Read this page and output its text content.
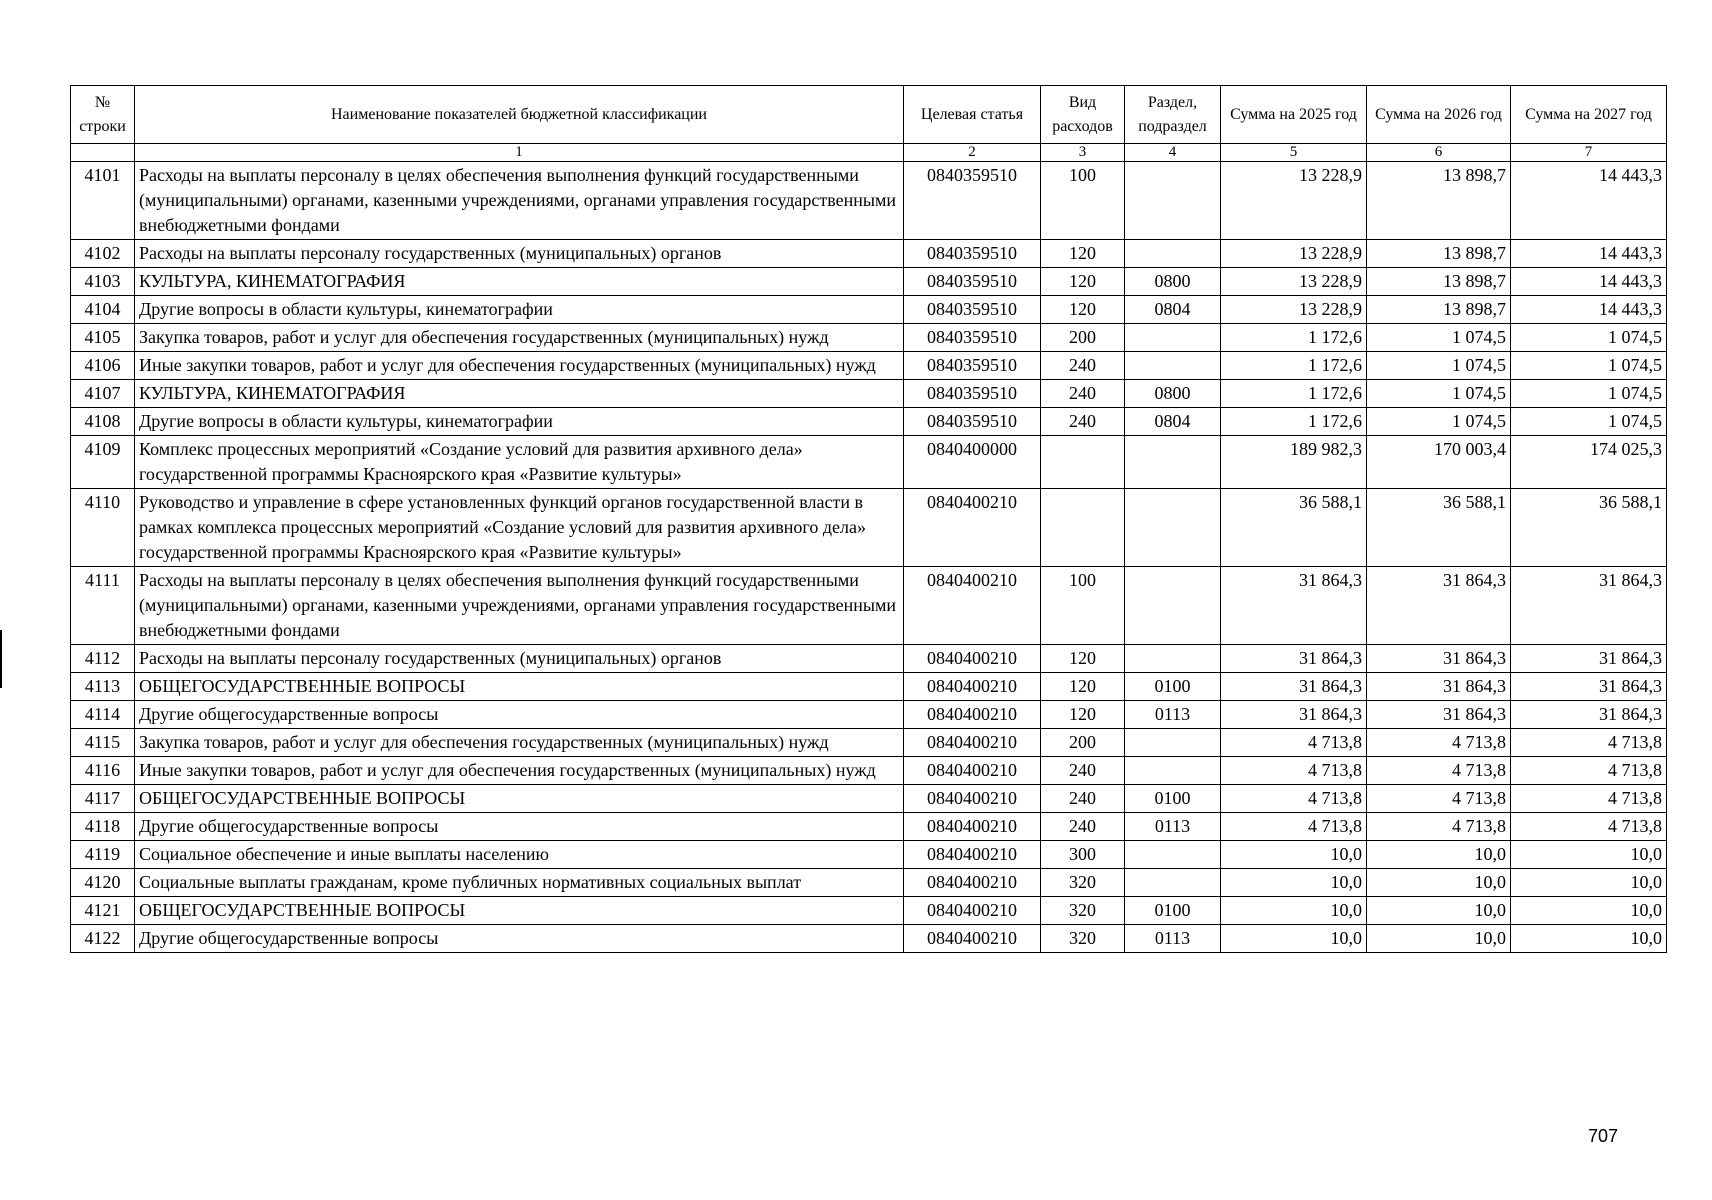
№ строки	Наименование показателей бюджетной классификации	Целевая статья	Вид расходов	Раздел, подраздел	Сумма на 2025 год	Сумма на 2026 год	Сумма на 2027 год
	1	2	3	4	5	6	7
4101	Расходы на выплаты персоналу в целях обеспечения выполнения функций государственными (муниципальными) органами, казенными учреждениями, органами управления государственными внебюджетными фондами	0840359510	100		13 228,9	13 898,7	14 443,3
4102	Расходы на выплаты персоналу государственных (муниципальных) органов	0840359510	120		13 228,9	13 898,7	14 443,3
4103	КУЛЬТУРА, КИНЕМАТОГРАФИЯ	0840359510	120	0800	13 228,9	13 898,7	14 443,3
4104	Другие вопросы в области культуры, кинематографии	0840359510	120	0804	13 228,9	13 898,7	14 443,3
4105	Закупка товаров, работ и услуг для обеспечения государственных (муниципальных) нужд	0840359510	200		1 172,6	1 074,5	1 074,5
4106	Иные закупки товаров, работ и услуг для обеспечения государственных (муниципальных) нужд	0840359510	240		1 172,6	1 074,5	1 074,5
4107	КУЛЬТУРА, КИНЕМАТОГРАФИЯ	0840359510	240	0800	1 172,6	1 074,5	1 074,5
4108	Другие вопросы в области культуры, кинематографии	0840359510	240	0804	1 172,6	1 074,5	1 074,5
4109	Комплекс процессных мероприятий «Создание условий для развития архивного дела» государственной программы Красноярского края «Развитие культуры»	0840400000			189 982,3	170 003,4	174 025,3
4110	Руководство и управление в сфере установленных функций органов государственной власти в рамках комплекса процессных мероприятий «Создание условий для развития архивного дела» государственной программы Красноярского края «Развитие культуры»	0840400210			36 588,1	36 588,1	36 588,1
4111	Расходы на выплаты персоналу в целях обеспечения выполнения функций государственными (муниципальными) органами, казенными учреждениями, органами управления государственными внебюджетными фондами	0840400210	100		31 864,3	31 864,3	31 864,3
4112	Расходы на выплаты персоналу государственных (муниципальных) органов	0840400210	120		31 864,3	31 864,3	31 864,3
4113	ОБЩЕГОСУДАРСТВЕННЫЕ ВОПРОСЫ	0840400210	120	0100	31 864,3	31 864,3	31 864,3
4114	Другие общегосударственные вопросы	0840400210	120	0113	31 864,3	31 864,3	31 864,3
4115	Закупка товаров, работ и услуг для обеспечения государственных (муниципальных) нужд	0840400210	200		4 713,8	4 713,8	4 713,8
4116	Иные закупки товаров, работ и услуг для обеспечения государственных (муниципальных) нужд	0840400210	240		4 713,8	4 713,8	4 713,8
4117	ОБЩЕГОСУДАРСТВЕННЫЕ ВОПРОСЫ	0840400210	240	0100	4 713,8	4 713,8	4 713,8
4118	Другие общегосударственные вопросы	0840400210	240	0113	4 713,8	4 713,8	4 713,8
4119	Социальное обеспечение и иные выплаты населению	0840400210	300		10,0	10,0	10,0
4120	Социальные выплаты гражданам, кроме публичных нормативных социальных выплат	0840400210	320		10,0	10,0	10,0
4121	ОБЩЕГОСУДАРСТВЕННЫЕ ВОПРОСЫ	0840400210	320	0100	10,0	10,0	10,0
4122	Другие общегосударственные вопросы	0840400210	320	0113	10,0	10,0	10,0
707
